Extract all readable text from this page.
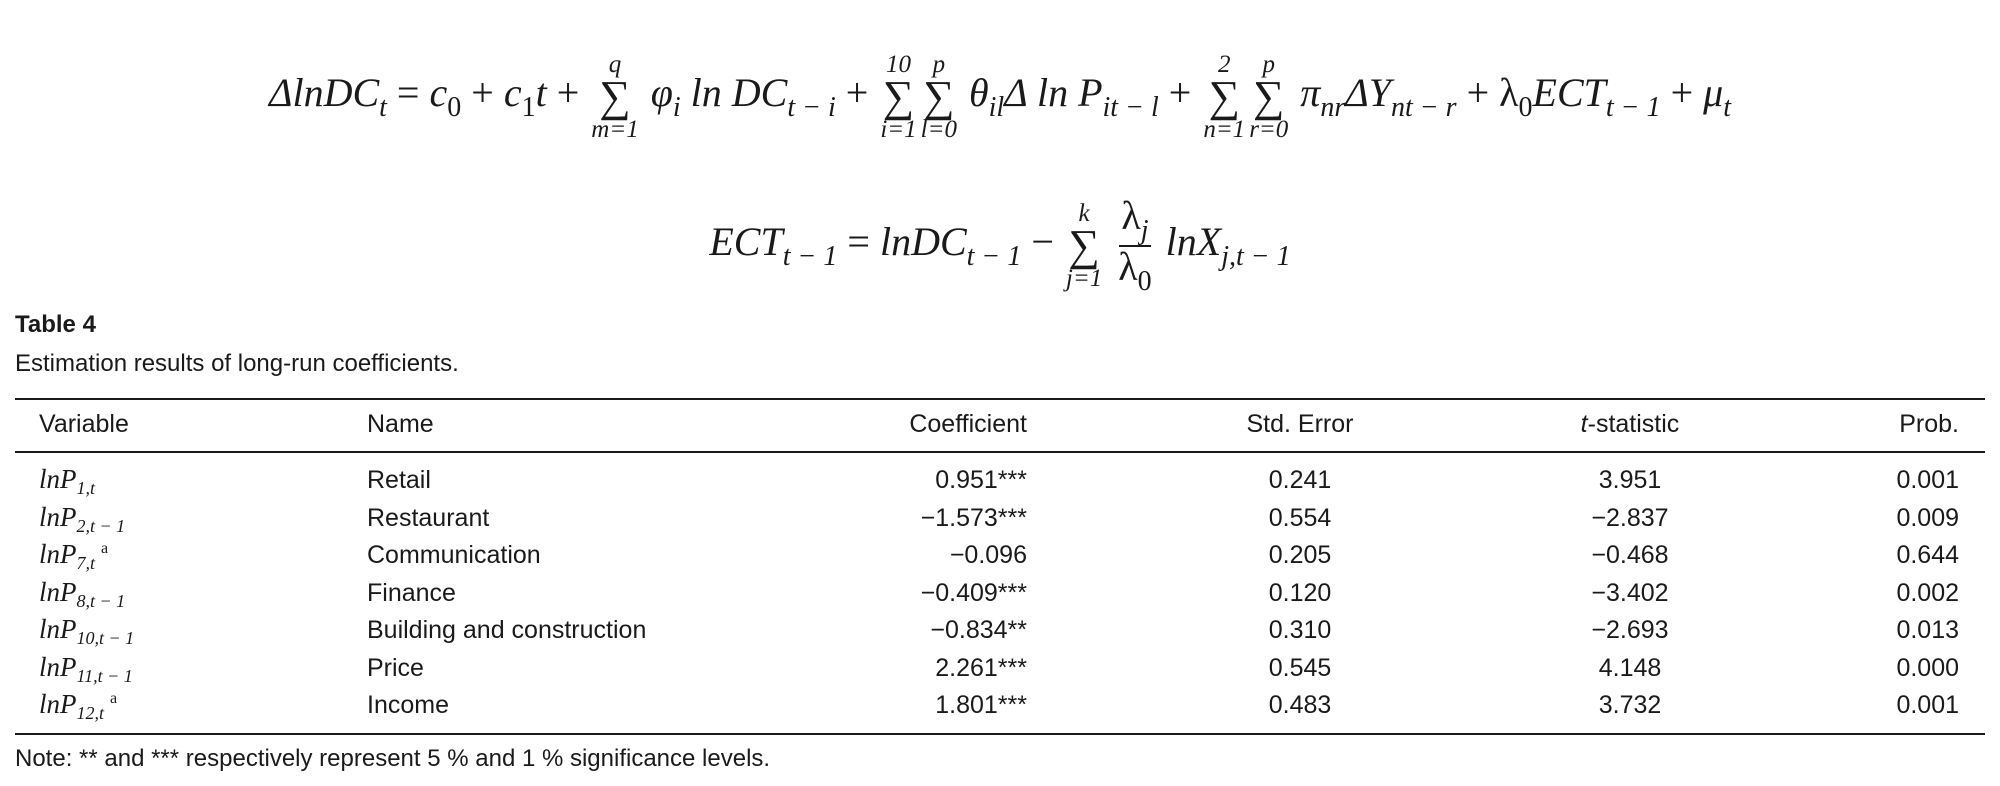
ΔlnDC$_t$ = $c_0 + c_1t$ +
q
∑
m=1
$\varphi_i$ $\ln DC_{t - i}$ +
10
∑
i=1
p
∑
l=0
$\theta_{il}\Delta$ $\ln P_{it - l}$ +
2
∑
n=1
p
∑
r=0
$\pi_{nr}\Delta Y_{nt - r} + \lambda_0ECT_{t - 1} + \mu_t$
$ECT_{t - 1}$ = lnDC$_{t - 1}$ −
k
∑
j=1
$\frac{\lambda_j}{\lambda_0} \ln X_{j,t - 1}$
Table 4
Estimation results of long-run coefficients.
Variable	Name	Coefficient	Std. Error	t-statistic	Prob.
lnP$_{1,t}$	Retail	0.951***	0.241	3.951	0.001
lnP$_{2,t - 1}$	Restaurant	−1.573***	0.554	−2.837	0.009
lnP$_{7,t}^a$	Communication	−0.096	0.205	−0.468	0.644
lnP$_{8,t - 1}$	Finance	−0.409***	0.120	−3.402	0.002
lnP$_{10,t - 1}$	Building and construction	−0.834**	0.310	−2.693	0.013
lnP$_{11,t - 1}$	Price	2.261***	0.545	4.148	0.000
lnP$_{12,t}^a$	Income	1.801***	0.483	3.732	0.001
Note: ** and *** respectively represent 5 % and 1 % significance levels.
